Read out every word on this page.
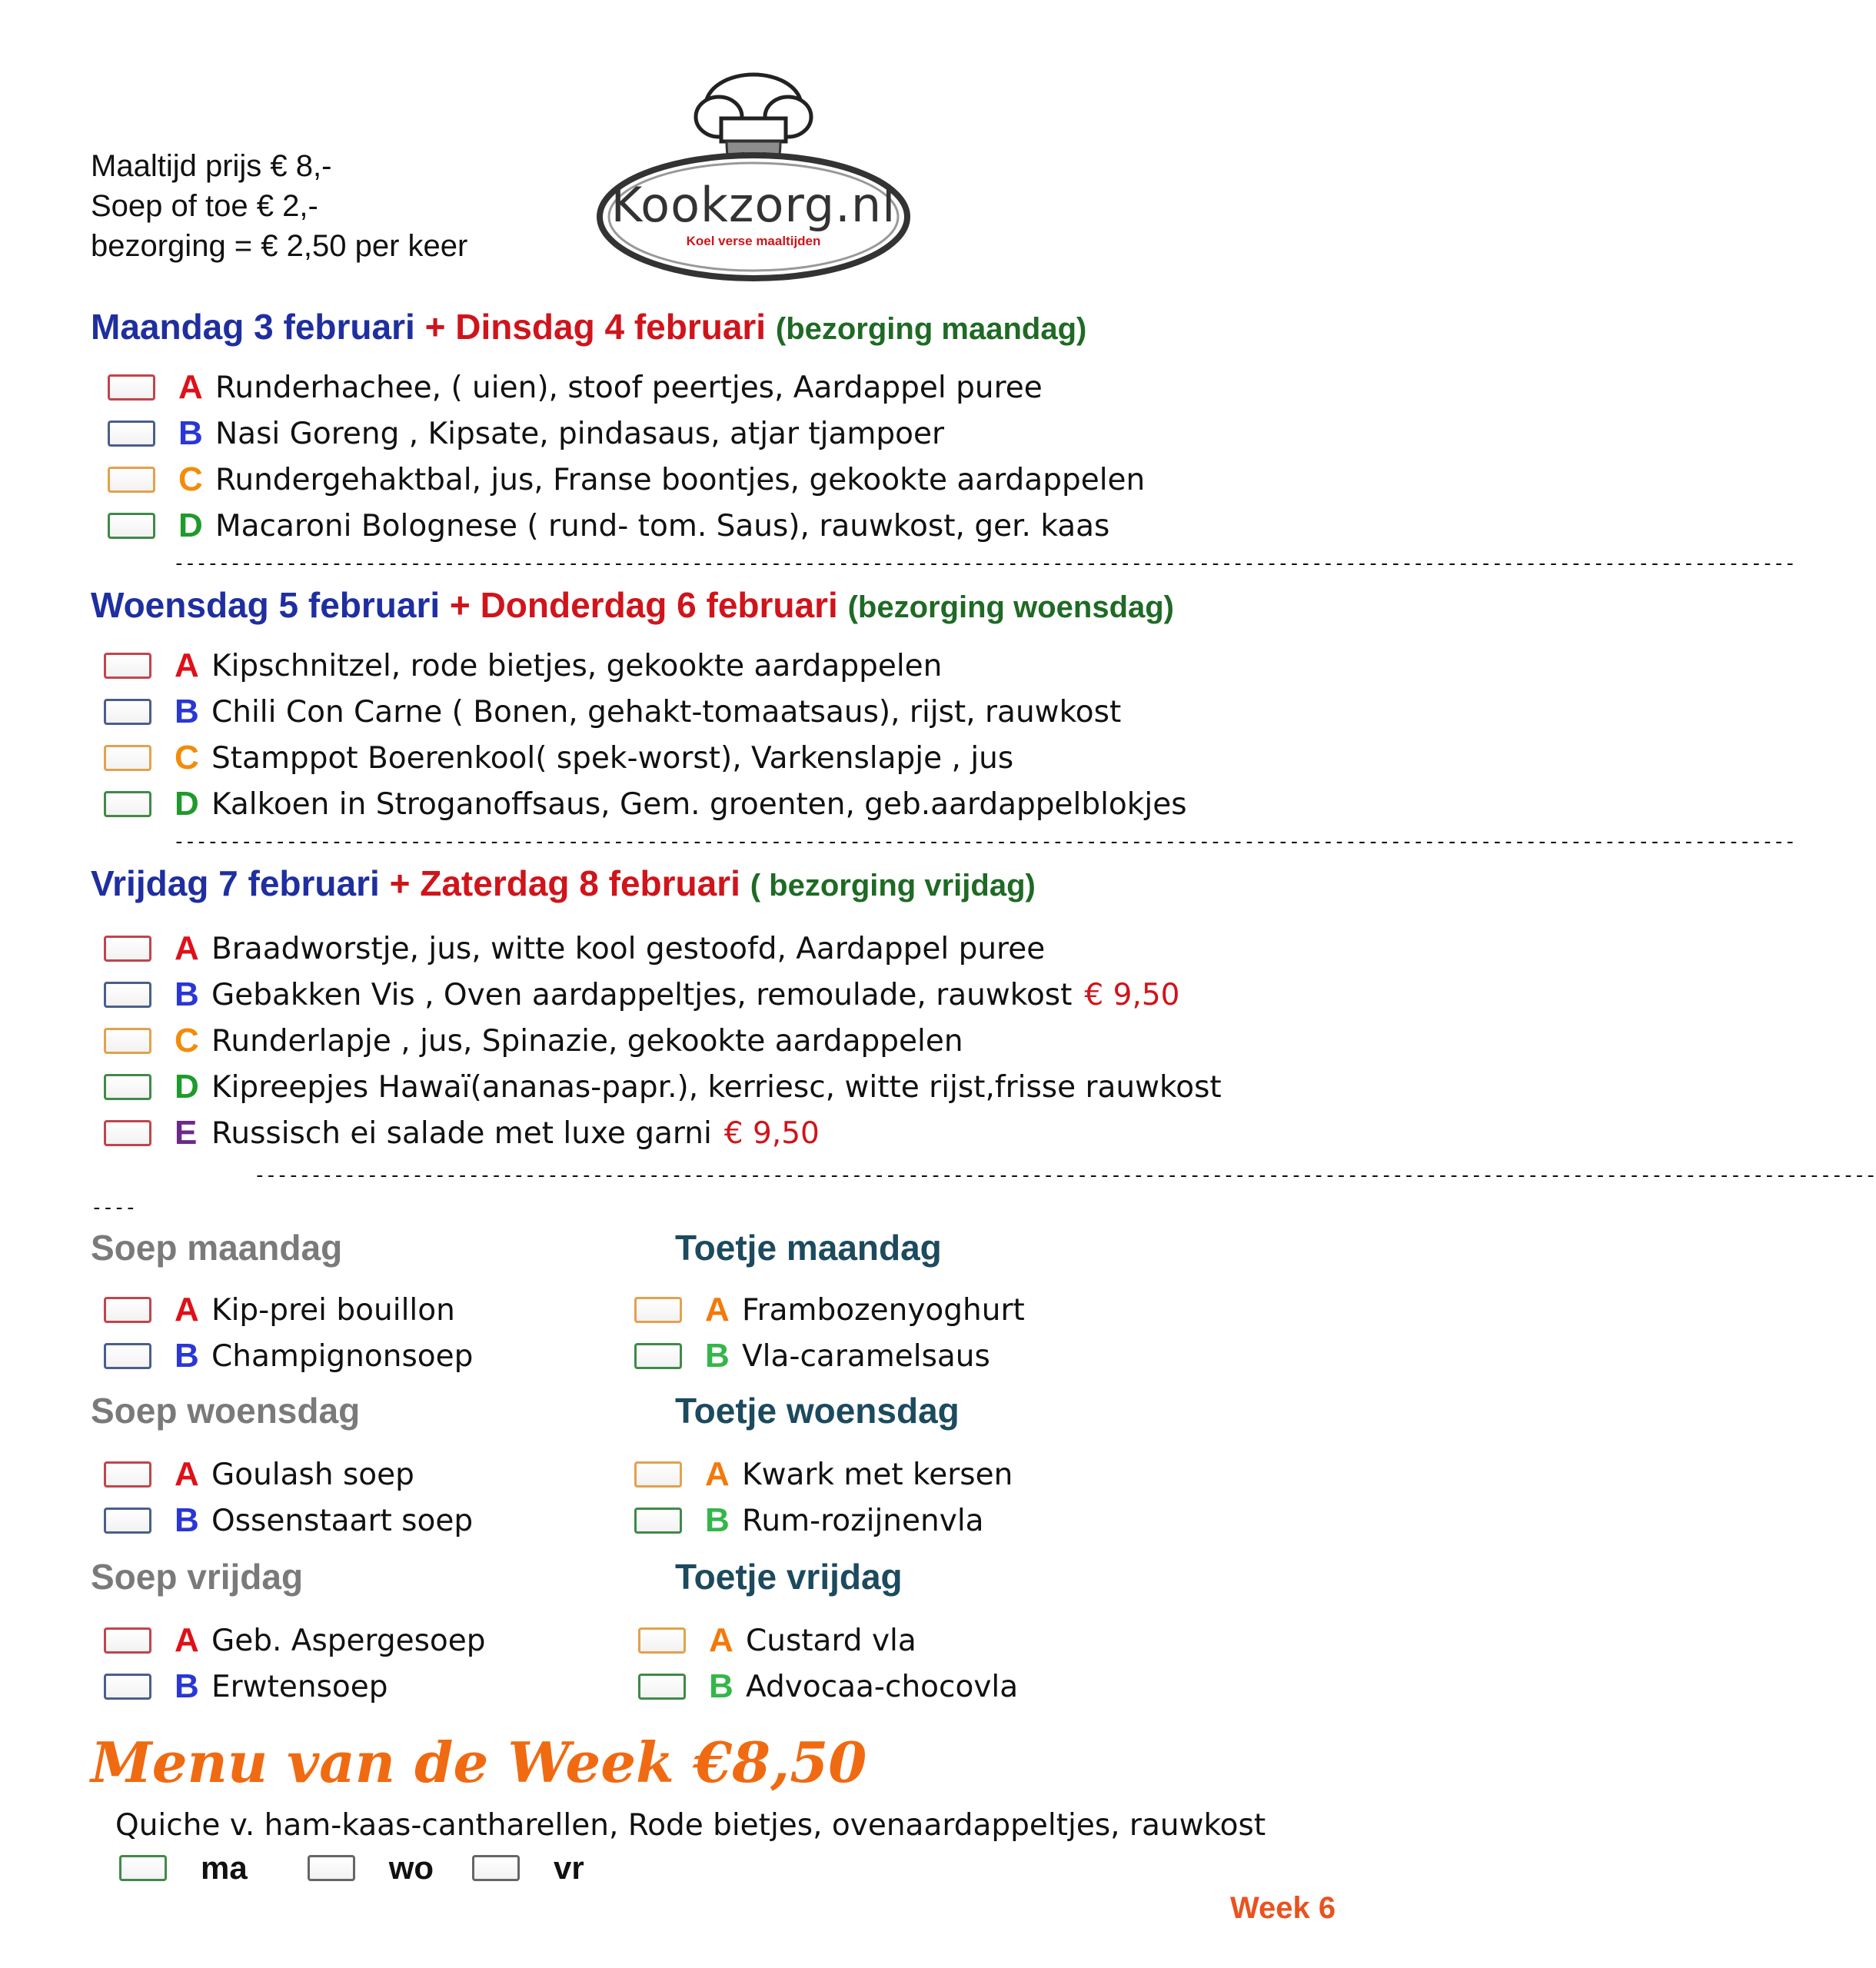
Maaltijd prijs € 8,-
Soep of toe € 2,-
bezorging = € 2,50 per keer
Kookzorg.nl
Koel verse maaltijden
Maandag 3 februari + Dinsdag 4 februari (bezorging maandag)
A Runderhachee, ( uien), stoof peertjes, Aardappel puree
B Nasi Goreng , Kipsate, pindasaus, atjar tjampoer
C Rundergehaktbal, jus, Franse boontjes, gekookte aardappelen
D Macaroni Bolognese ( rund- tom. Saus), rauwkost, ger. kaas
------------------------------------------------------------------------------------------------------------------------------------------------
Woensdag 5 februari + Donderdag 6 februari (bezorging woensdag)
A Kipschnitzel, rode bietjes, gekookte aardappelen
B Chili Con Carne ( Bonen, gehakt-tomaatsaus), rijst, rauwkost
C Stamppot Boerenkool( spek-worst), Varkenslapje , jus
D Kalkoen in Stroganoffsaus, Gem. groenten, geb.aardappelblokjes
------------------------------------------------------------------------------------------------------------------------------------------------
Vrijdag 7 februari + Zaterdag 8 februari ( bezorging vrijdag)
A Braadworstje, jus, witte kool gestoofd, Aardappel puree
B Gebakken Vis , Oven aardappeltjes, remoulade, rauwkost € 9,50
C Runderlapje , jus, Spinazie, gekookte aardappelen
D Kipreepjes Hawaï(ananas-papr.), kerriesc, witte rijst,frisse rauwkost
E Russisch ei salade met luxe garni € 9,50
------------------------------------------------------------------------------------------------------------------------------------------------
----
Soep maandag
A Kip-prei bouillon
B Champignonsoep
Soep woensdag
A Goulash soep
B Ossenstaart soep
Soep vrijdag
A Geb. Aspergesoep
B Erwtensoep
Toetje maandag
A Frambozenyoghurt
B Vla-caramelsaus
Toetje woensdag
A Kwark met kersen
B Rum-rozijnenvla
Toetje vrijdag
A Custard vla
B Advocaa-chocovla
Menu van de Week €8,50
Quiche v. ham-kaas-cantharellen, Rode bietjes, ovenaardappeltjes, rauwkost
ma	wo	vr
Week 6
